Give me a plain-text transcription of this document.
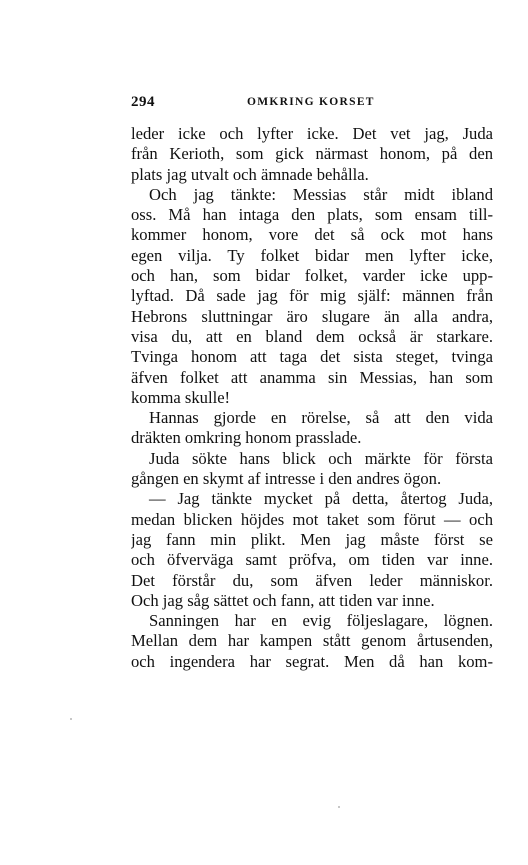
294	OMKRING KORSET
leder icke och lyfter icke. Det vet jag, Juda
från Kerioth, som gick närmast honom, på den
plats jag utvalt och ämnade behålla.
Och jag tänkte: Messias står midt ibland
oss. Må han intaga den plats, som ensam till-
kommer honom, vore det så ock mot hans
egen vilja. Ty folket bidar men lyfter icke,
och han, som bidar folket, varder icke upp-
lyftad. Då sade jag för mig själf: männen från
Hebrons sluttningar äro slugare än alla andra,
visa du, att en bland dem också är starkare.
Tvinga honom att taga det sista steget, tvinga
äfven folket att anamma sin Messias, han som
komma skulle!
Hannas gjorde en rörelse, så att den vida
dräkten omkring honom prasslade.
Juda sökte hans blick och märkte för första
gången en skymt af intresse i den andres ögon.
— Jag tänkte mycket på detta, återtog Juda,
medan blicken höjdes mot taket som förut — och
jag fann min plikt. Men jag måste först se
och öfverväga samt pröfva, om tiden var inne.
Det förstår du, som äfven leder människor.
Och jag såg sättet och fann, att tiden var inne.
Sanningen har en evig följeslagare, lögnen.
Mellan dem har kampen stått genom årtusenden,
och ingendera har segrat. Men då han kom-
